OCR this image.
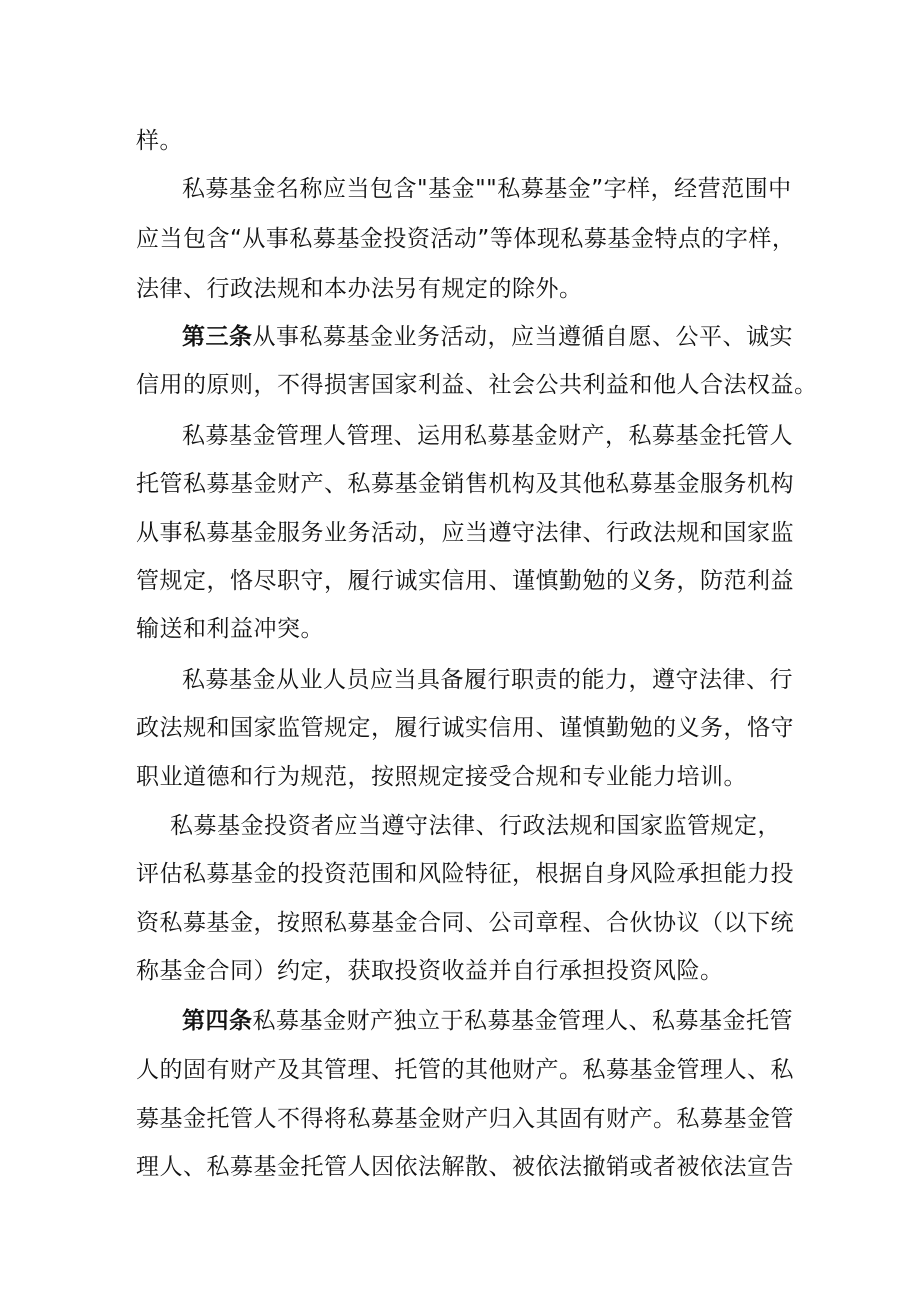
样。
私募基金名称应当包含"基金""私募基金”字样，经营范围中
应当包含“从事私募基金投资活动”等体现私募基金特点的字样，
法律、行政法规和本办法另有规定的除外。
第三条从事私募基金业务活动，应当遵循自愿、公平、诚实
信用的原则，不得损害国家利益、社会公共利益和他人合法权益。
私募基金管理人管理、运用私募基金财产，私募基金托管人
托管私募基金财产、私募基金销售机构及其他私募基金服务机构
从事私募基金服务业务活动，应当遵守法律、行政法规和国家监
管规定，恪尽职守，履行诚实信用、谨慎勤勉的义务，防范利益
输送和利益冲突。
私募基金从业人员应当具备履行职责的能力，遵守法律、行
政法规和国家监管规定，履行诚实信用、谨慎勤勉的义务，恪守
职业道德和行为规范，按照规定接受合规和专业能力培训。
私募基金投资者应当遵守法律、行政法规和国家监管规定，
评估私募基金的投资范围和风险特征，根据自身风险承担能力投
资私募基金，按照私募基金合同、公司章程、合伙协议（以下统
称基金合同）约定，获取投资收益并自行承担投资风险。
第四条私募基金财产独立于私募基金管理人、私募基金托管
人的固有财产及其管理、托管的其他财产。私募基金管理人、私
募基金托管人不得将私募基金财产归入其固有财产。私募基金管
理人、私募基金托管人因依法解散、被依法撤销或者被依法宣告
